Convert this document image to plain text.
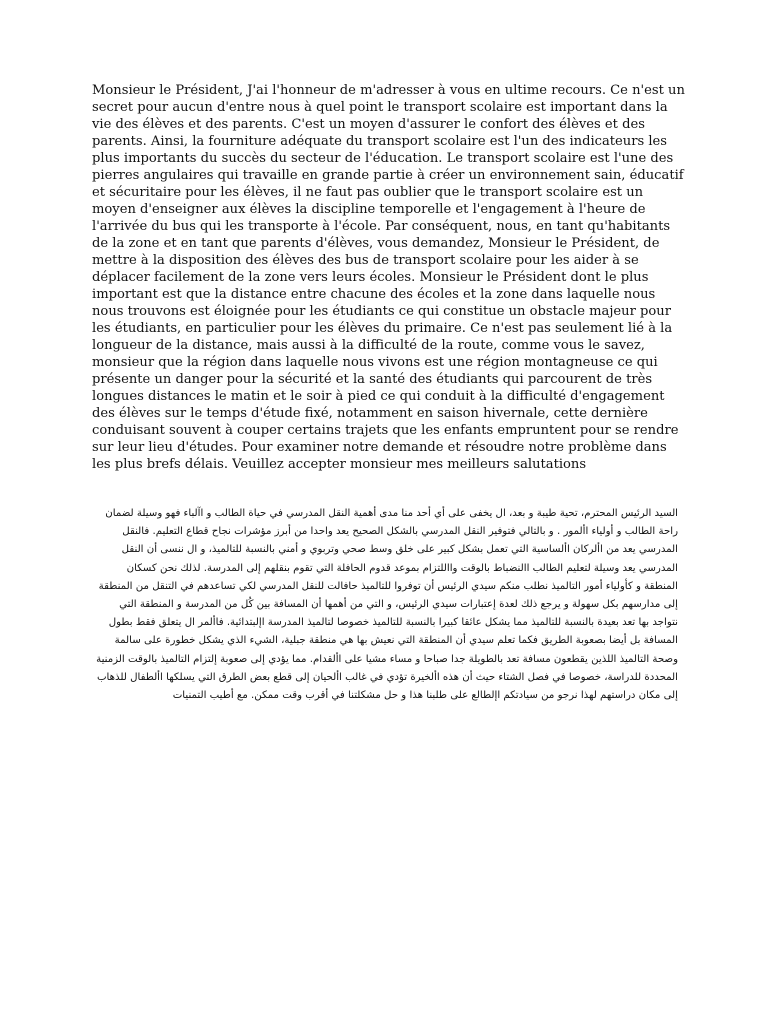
Monsieur le Président, J'ai l'honneur de m'adresser à vous en ultime recours. Ce n'est un secret pour aucun d'entre nous à quel point le transport scolaire est important dans la vie des élèves et des parents. C'est un moyen d'assurer le confort des élèves et des parents. Ainsi, la fourniture adéquate du transport scolaire est l'un des indicateurs les plus importants du succès du secteur de l'éducation. Le transport scolaire est l'une des pierres angulaires qui travaille en grande partie à créer un environnement sain, éducatif et sécuritaire pour les élèves, il ne faut pas oublier que le transport scolaire est un moyen d'enseigner aux élèves la discipline temporelle et l'engagement à l'heure de l'arrivée du bus qui les transporte à l'école. Par conséquent, nous, en tant qu'habitants de la zone et en tant que parents d'élèves, vous demandez, Monsieur le Président, de mettre à la disposition des élèves des bus de transport scolaire pour les aider à se déplacer facilement de la zone vers leurs écoles. Monsieur le Président dont le plus important est que la distance entre chacune des écoles et la zone dans laquelle nous nous trouvons est éloignée pour les étudiants ce qui constitue un obstacle majeur pour les étudiants, en particulier pour les élèves du primaire. Ce n'est pas seulement lié à la longueur de la distance, mais aussi à la difficulté de la route, comme vous le savez, monsieur que la région dans laquelle nous vivons est une région montagneuse ce qui présente un danger pour la sécurité et la santé des étudiants qui parcourent de très longues distances le matin et le soir à pied ce qui conduit à la difficulté d'engagement des élèves sur le temps d'étude fixé, notamment en saison hivernale, cette dernière conduisant souvent à couper certains trajets que les enfants empruntent pour se rendre sur leur lieu d'études. Pour examiner notre demande et résoudre notre problème dans les plus brefs délais. Veuillez accepter monsieur mes meilleurs salutations

السيد الرئيس المحترم، تحية طيبة و بعد، ال يخفى على أي أحد منا مدى أهمية النقل المدرسي في حياة الطالب و اآلباء فهو وسيلة لضمان راحة الطالب و أولياء األمور . و بالتالي فتوفير النقل المدرسي بالشكل الصحيح يعد واحدا من أبرز مؤشرات نجاح قطاع التعليم. فالنقل المدرسي يعد من األركان األساسية التي تعمل بشكل كبير على خلق وسط صحي وتربوي و أمني بالنسبة للتالميذ، و ال ننسى أن النقل المدرسي يعد وسيلة لتعليم الطالب االنضباط بالوقت وااللتزام بموعد قدوم الحافلة التي تقوم بنقلهم إلى المدرسة. لذلك نحن كسكان المنطقة و كأولياء أمور التالميذ نطلب منكم سيدي الرئيس أن توفروا للتالميذ حافالت للنقل المدرسي لكي تساعدهم في التنقل من المنطقة إلى مدارسهم بكل سهولة و يرجع ذلك لعدة إعتبارات سيدي الرئيس، و التي من أهمها أن المسافة بين كُل من المدرسة و المنطقة التي نتواجد بها تعد بعيدة بالنسبة للتالميذ مما يشكل عائقا كبيرا بالنسبة للتالميذ خصوصا لتالميذ المدرسة اإلبتدائية. فاألمر ال يتعلق فقط بطول المسافة بل أيضا بصعوبة الطريق فكما تعلم سيدي أن المنطقة التي نعيش بها هي منطقة جبلية، الشيء الذي يشكل خطورة على سالمة وصحة التالميذ اللذين يقطعون مسافة تعد بالطويلة جدا صباحا و مساء مشيا على األقدام. مما يؤدي إلى صعوبة إلتزام التالميذ بالوقت الزمنية المحددة للدراسة، خصوصا في فصل الشتاء حيث أن هذه األخيرة تؤدي في غالب األحيان إلى قطع بعض الطرق التي يسلكها األطفال للذهاب إلى مكان دراستهم لهذا نرجو من سيادتكم اإلطالع على طلبنا هذا و حل مشكلتنا في أقرب وقت ممكن. مع أطيب التمنيات
